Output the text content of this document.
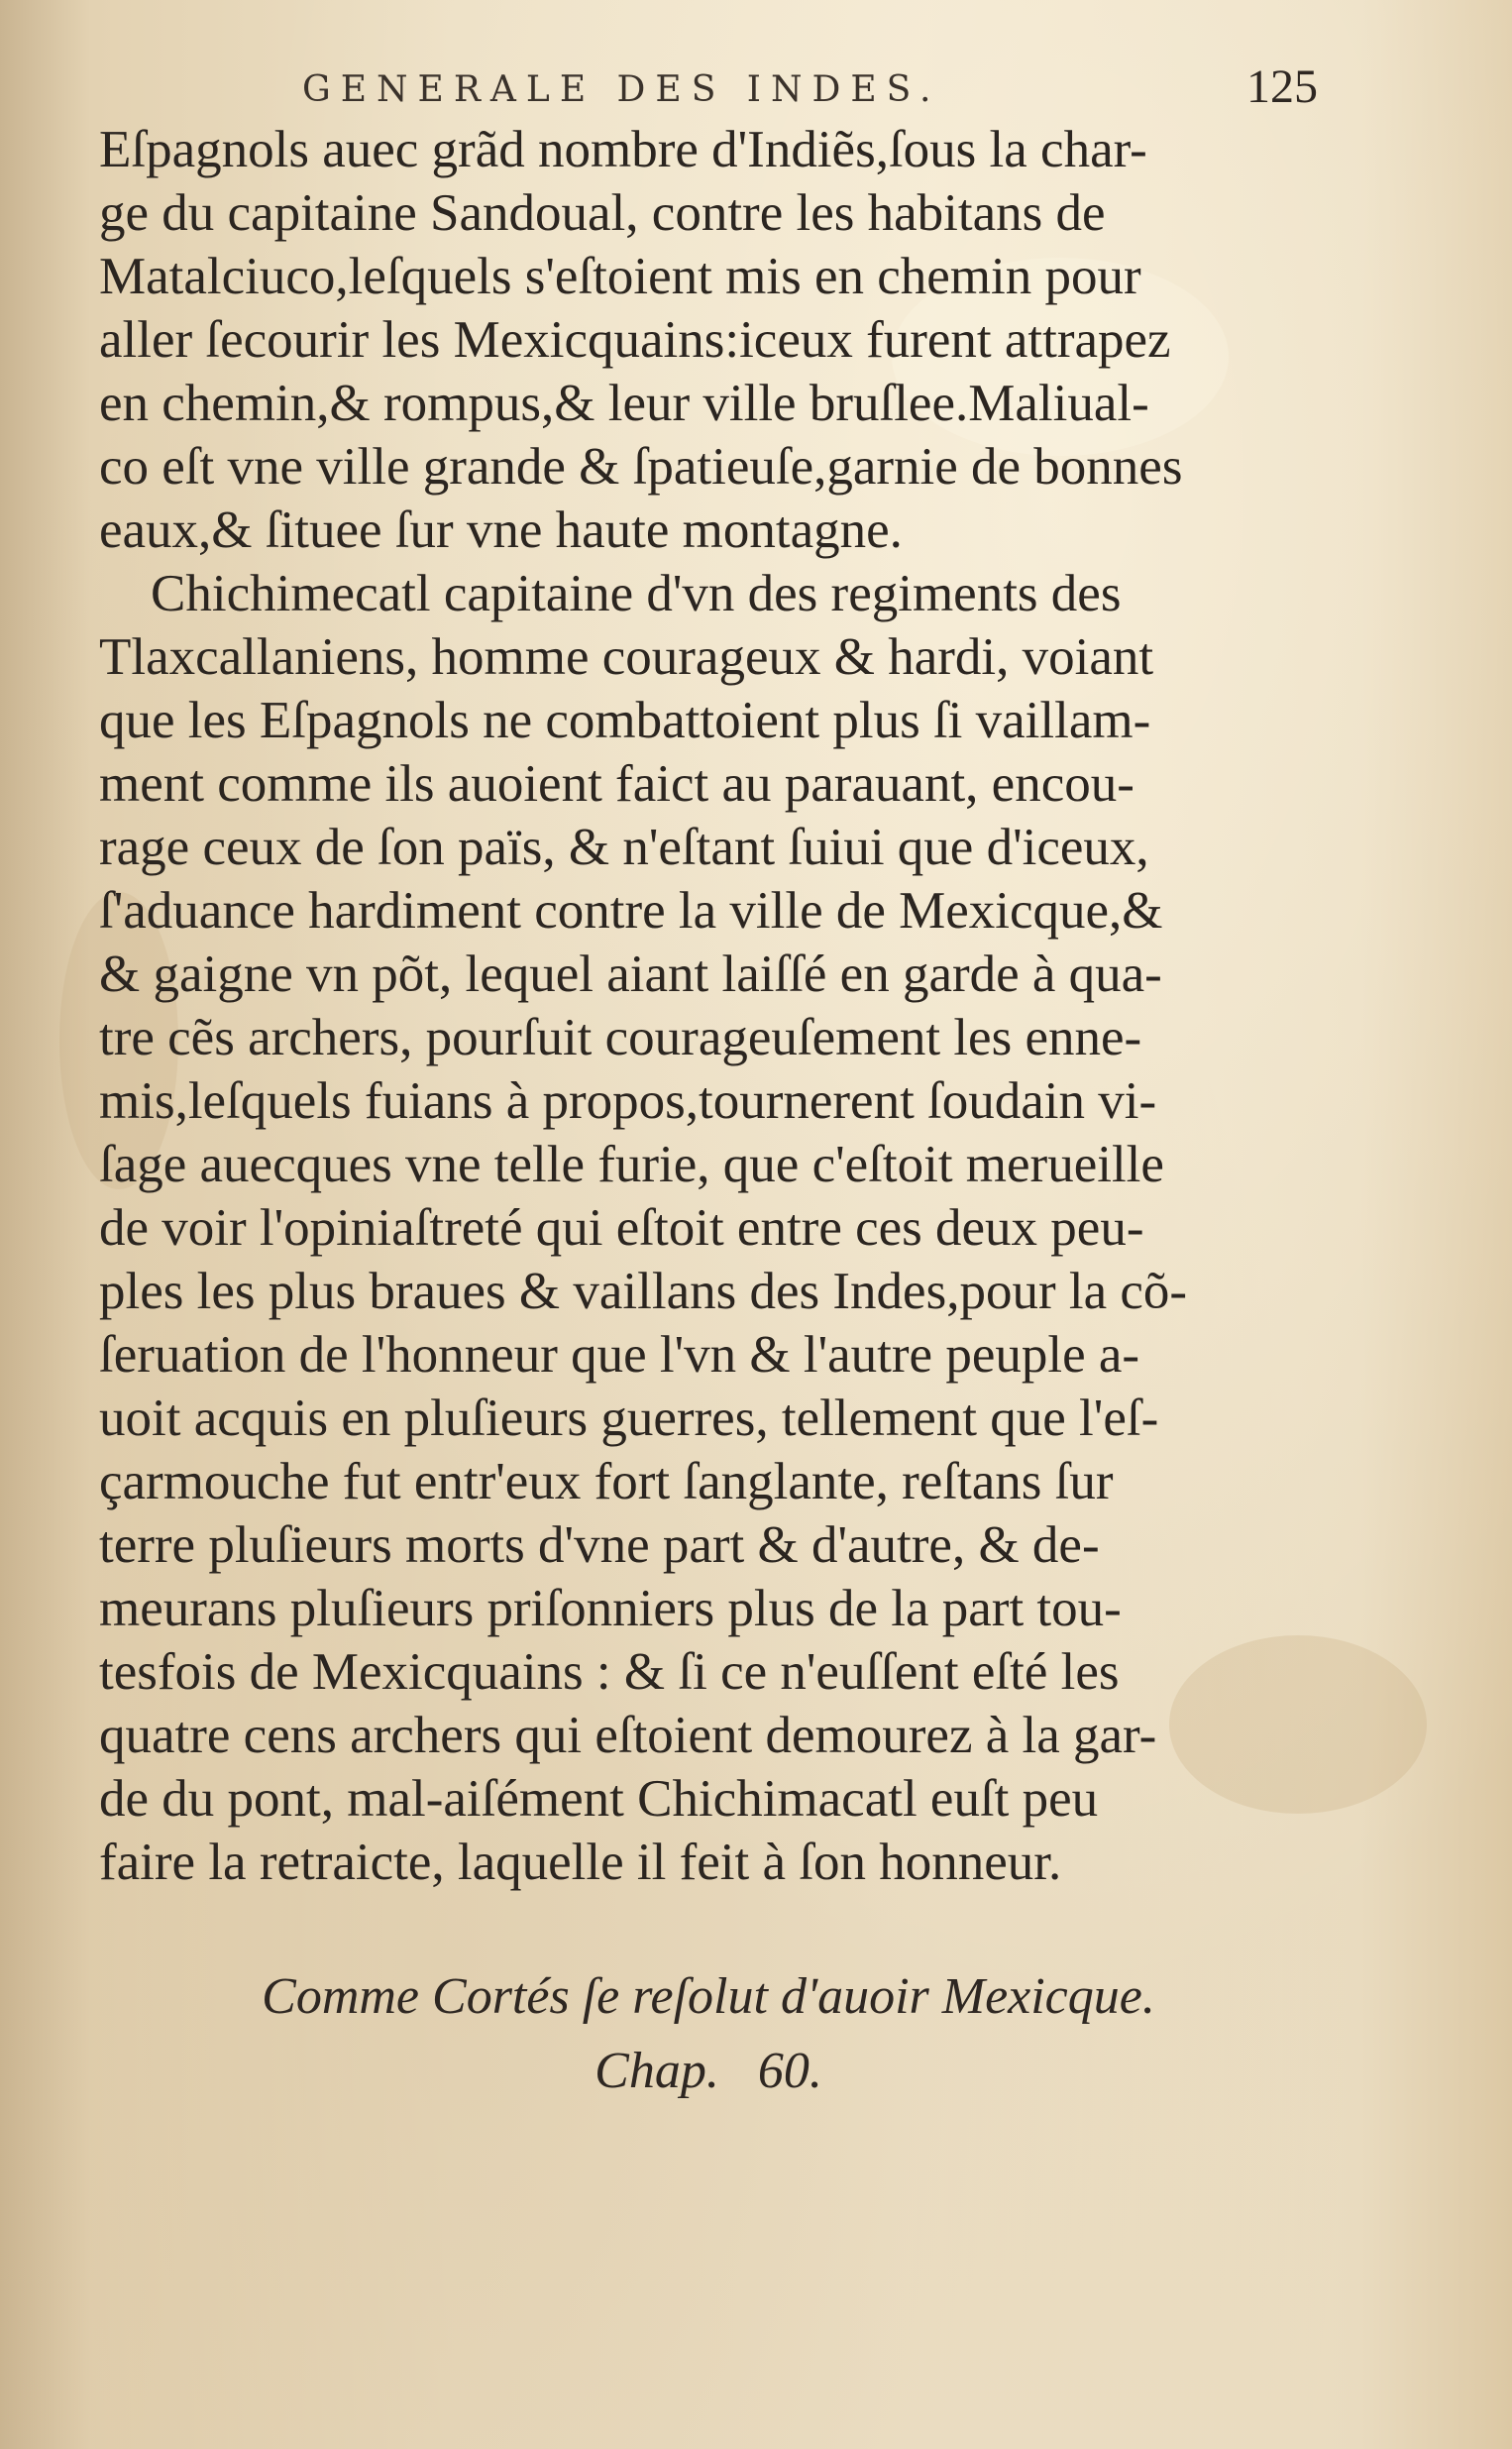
GENERALE DES INDES.	125
Eſpagnols auec grãd nombre d'Indiẽs,ſous la char-
ge du capitaine Sandoual, contre les habitans de
Matalciuco,leſquels s'eſtoient mis en chemin pour
aller ſecourir les Mexicquains:iceux furent attrapez
en chemin,& rompus,& leur ville bruſlee.Maliual-
co eſt vne ville grande & ſpatieuſe,garnie de bonnes
eaux,& ſituee ſur vne haute montagne.
Chichimecatl capitaine d'vn des regiments des
Tlaxcallaniens, homme courageux & hardi, voiant
que les Eſpagnols ne combattoient plus ſi vaillam-
ment comme ils auoient faict au parauant, encou-
rage ceux de ſon païs, & n'eſtant ſuiui que d'iceux,
ſ'aduance hardiment contre la ville de Mexicque,&
& gaigne vn põt, lequel aiant laiſſé en garde à qua-
tre cẽs archers, pourſuit courageuſement les enne-
mis,leſquels fuians à propos,tournerent ſoudain vi-
ſage auecques vne telle furie, que c'eſtoit merueille
de voir l'opiniaſtreté qui eſtoit entre ces deux peu-
ples les plus braues & vaillans des Indes,pour la cõ-
ſeruation de l'honneur que l'vn & l'autre peuple a-
uoit acquis en pluſieurs guerres, tellement que l'eſ-
çarmouche fut entr'eux fort ſanglante, reſtans ſur
terre pluſieurs morts d'vne part & d'autre, & de-
meurans pluſieurs priſonniers plus de la part tou-
tesfois de Mexicquains : & ſi ce n'euſſent eſté les
quatre cens archers qui eſtoient demourez à la gar-
de du pont, mal-aiſément Chichimacatl euſt peu
faire la retraicte, laquelle il feit à ſon honneur.
Comme Cortés ſe reſolut d'auoir Mexicque.
Chap.   60.
